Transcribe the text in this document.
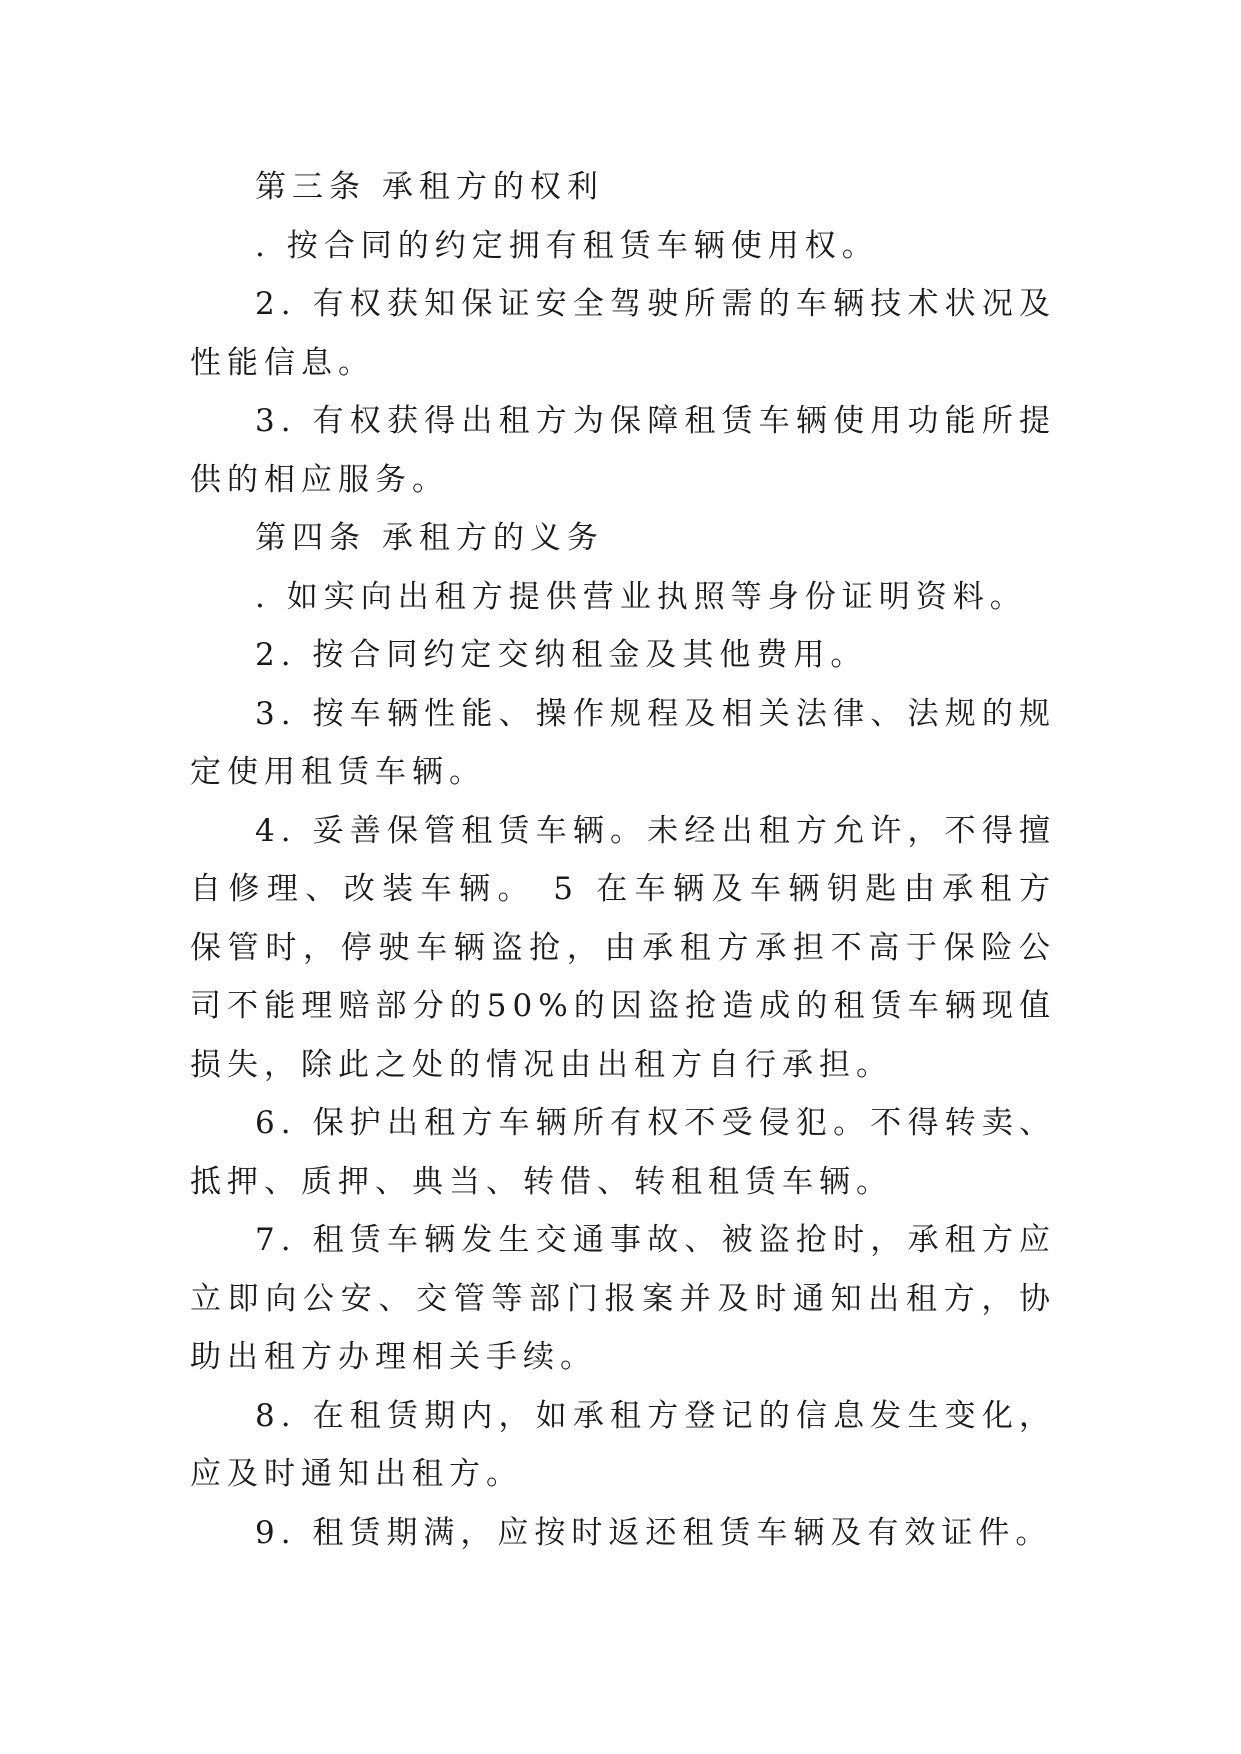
第三条 承租方的权利

. 按合同的约定拥有租赁车辆使用权。

2. 有权获知保证安全驾驶所需的车辆技术状况及性能信息。

3. 有权获得出租方为保障租赁车辆使用功能所提供的相应服务。

第四条 承租方的义务

. 如实向出租方提供营业执照等身份证明资料。

2. 按合同约定交纳租金及其他费用。

3. 按车辆性能、操作规程及相关法律、法规的规定使用租赁车辆。

4. 妥善保管租赁车辆。未经出租方允许，不得擅自修理、改装车辆。 5 在车辆及车辆钥匙由承租方保管时，停驶车辆盗抢，由承租方承担不高于保险公司不能理赔部分的50%的因盗抢造成的租赁车辆现值损失，除此之处的情况由出租方自行承担。

6. 保护出租方车辆所有权不受侵犯。不得转卖、抵押、质押、典当、转借、转租租赁车辆。

7. 租赁车辆发生交通事故、被盗抢时，承租方应立即向公安、交管等部门报案并及时通知出租方，协助出租方办理相关手续。

8. 在租赁期内，如承租方登记的信息发生变化，应及时通知出租方。

9. 租赁期满，应按时返还租赁车辆及有效证件。
